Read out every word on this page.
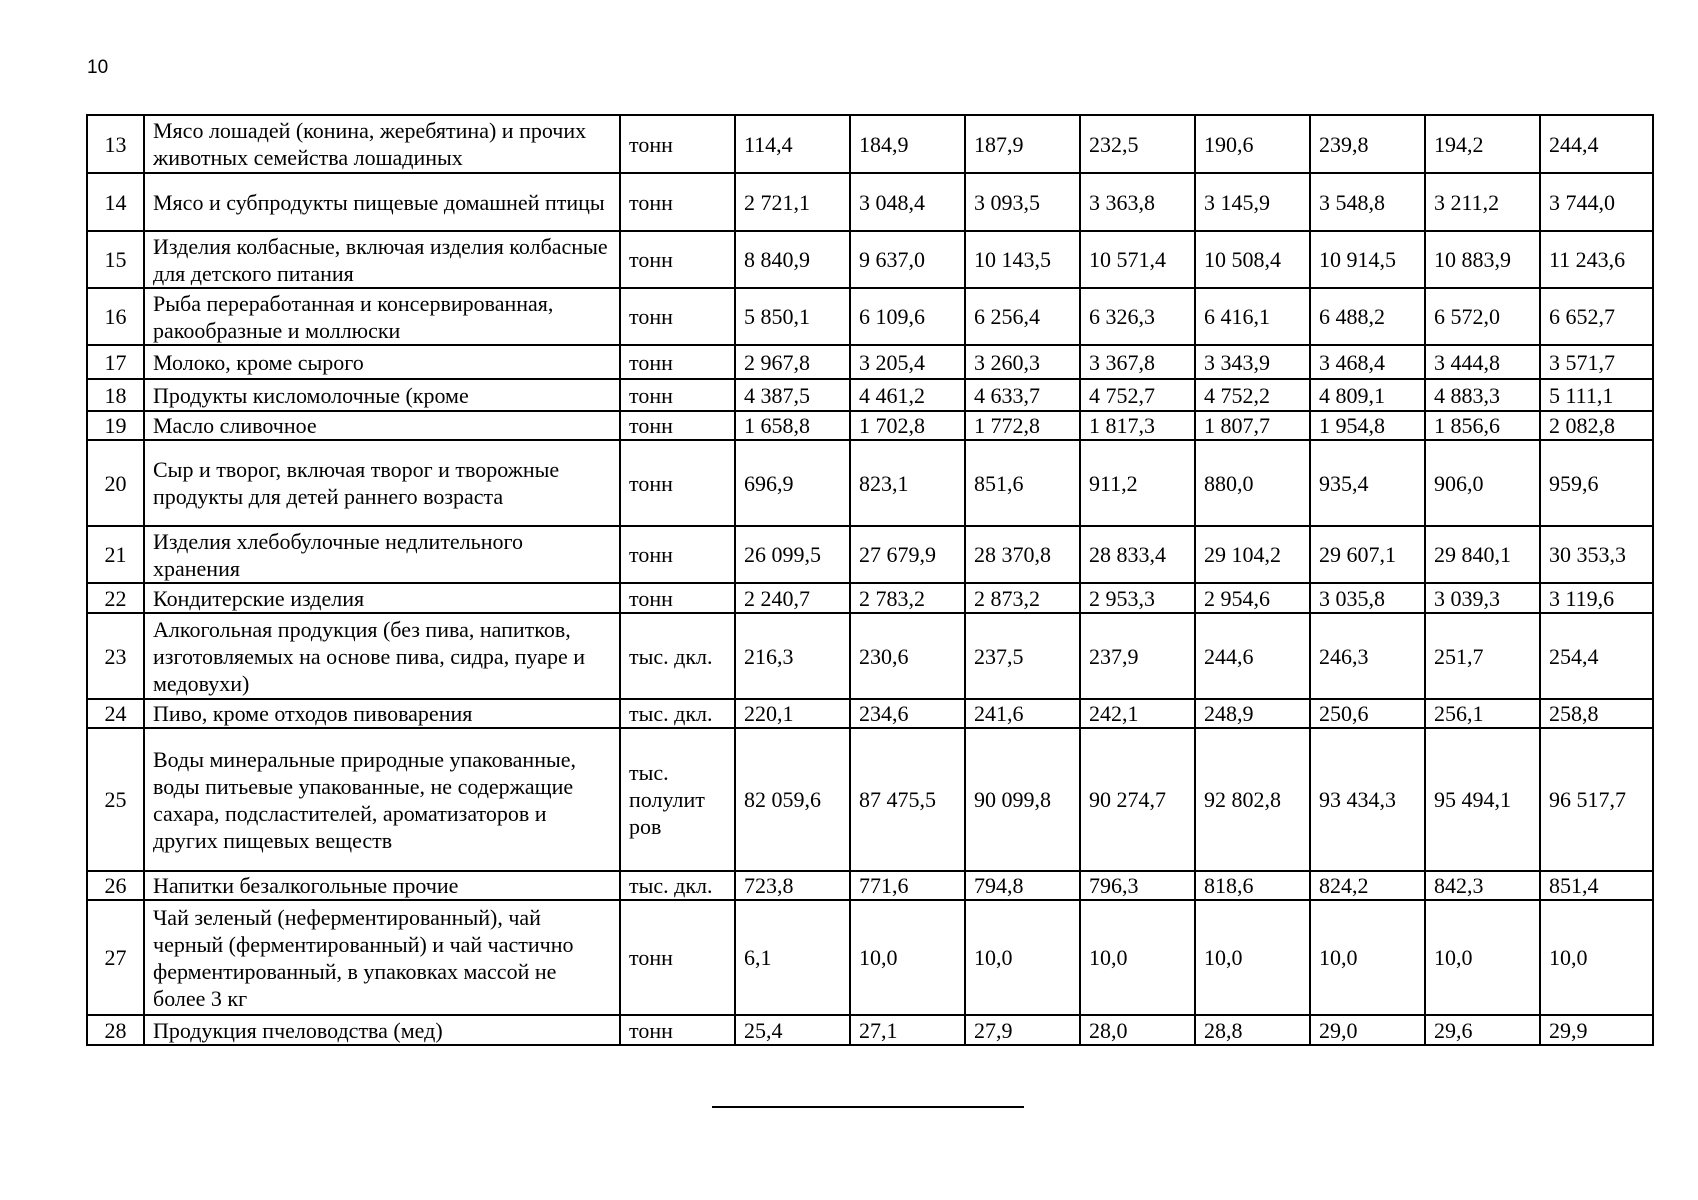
10
13	Мясо лошадей (конина, жеребятина) и прочих животных семейства лошадиных	тонн	114,4	184,9	187,9	232,5	190,6	239,8	194,2	244,4
14	Мясо и субпродукты пищевые домашней птицы	тонн	2 721,1	3 048,4	3 093,5	3 363,8	3 145,9	3 548,8	3 211,2	3 744,0
15	Изделия колбасные, включая изделия колбасные для детского питания	тонн	8 840,9	9 637,0	10 143,5	10 571,4	10 508,4	10 914,5	10 883,9	11 243,6
16	Рыба переработанная и консервированная, ракообразные и моллюски	тонн	5 850,1	6 109,6	6 256,4	6 326,3	6 416,1	6 488,2	6 572,0	6 652,7
17	Молоко, кроме сырого	тонн	2 967,8	3 205,4	3 260,3	3 367,8	3 343,9	3 468,4	3 444,8	3 571,7
18	Продукты кисломолочные (кроме	тонн	4 387,5	4 461,2	4 633,7	4 752,7	4 752,2	4 809,1	4 883,3	5 111,1
19	Масло сливочное	тонн	1 658,8	1 702,8	1 772,8	1 817,3	1 807,7	1 954,8	1 856,6	2 082,8
20	Сыр и творог, включая творог и творожные продукты для детей раннего возраста	тонн	696,9	823,1	851,6	911,2	880,0	935,4	906,0	959,6
21	Изделия хлебобулочные недлительного хранения	тонн	26 099,5	27 679,9	28 370,8	28 833,4	29 104,2	29 607,1	29 840,1	30 353,3
22	Кондитерские изделия	тонн	2 240,7	2 783,2	2 873,2	2 953,3	2 954,6	3 035,8	3 039,3	3 119,6
23	Алкогольная продукция (без пива, напитков, изготовляемых на основе пива, сидра, пуаре и медовухи)	тыс. дкл.	216,3	230,6	237,5	237,9	244,6	246,3	251,7	254,4
24	Пиво, кроме отходов пивоварения	тыс. дкл.	220,1	234,6	241,6	242,1	248,9	250,6	256,1	258,8
25	Воды минеральные природные упакованные, воды питьевые упакованные, не содержащие сахара, подсластителей, ароматизаторов и других пищевых веществ	тыс. полулит ров	82 059,6	87 475,5	90 099,8	90 274,7	92 802,8	93 434,3	95 494,1	96 517,7
26	Напитки безалкогольные прочие	тыс. дкл.	723,8	771,6	794,8	796,3	818,6	824,2	842,3	851,4
27	Чай зеленый (неферментированный), чай черный (ферментированный) и чай частично ферментированный, в упаковках массой не более 3 кг	тонн	6,1	10,0	10,0	10,0	10,0	10,0	10,0	10,0
28	Продукция пчеловодства (мед)	тонн	25,4	27,1	27,9	28,0	28,8	29,0	29,6	29,9
